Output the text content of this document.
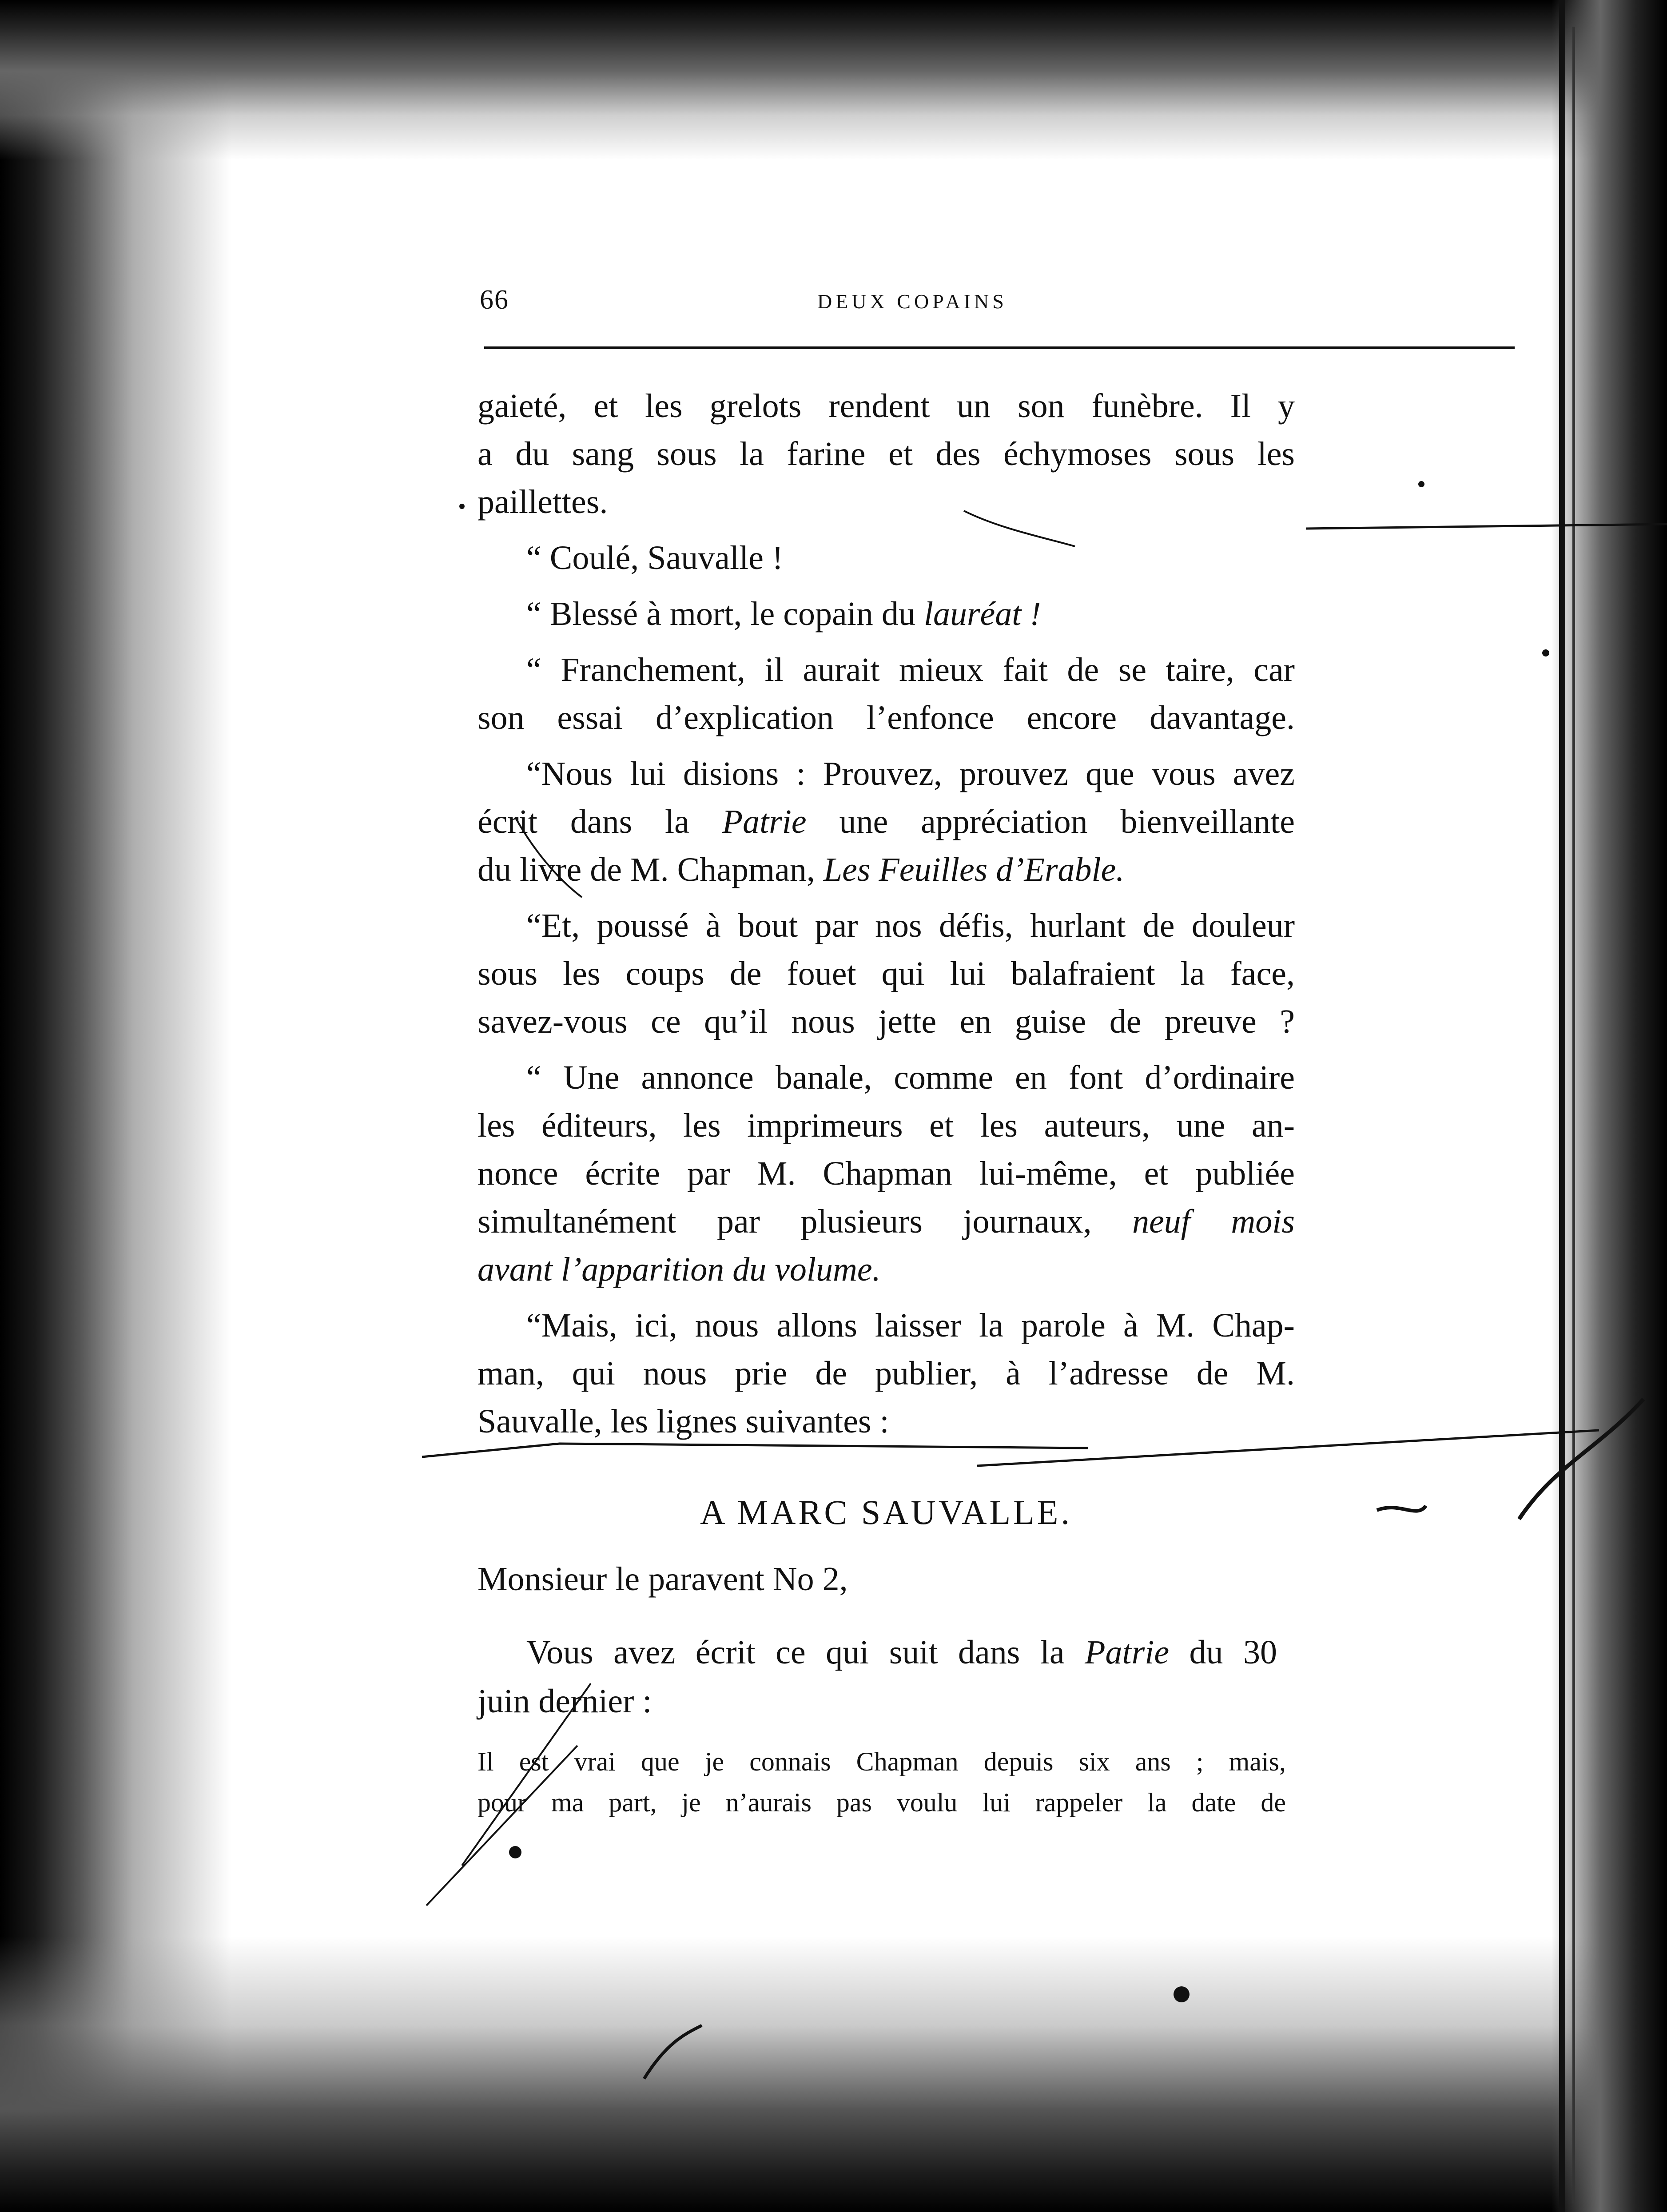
66	DEUX COPAINS
gaieté, et les grelots rendent un son funèbre. Il y
a du sang sous la farine et des échymoses sous les
paillettes.
“ Coulé, Sauvalle !
“ Blessé à mort, le copain du lauréat !
“ Franchement, il aurait mieux fait de se taire, car
son essai d’explication l’enfonce encore davantage.
“Nous lui disions : Prouvez, prouvez que vous avez
écrit dans la Patrie une appréciation bienveillante
du livre de M. Chapman, Les Feuilles d’Erable.
“Et, poussé à bout par nos défis, hurlant de douleur
sous les coups de fouet qui lui balafraient la face,
savez-vous ce qu’il nous jette en guise de preuve ?
“ Une annonce banale, comme en font d’ordinaire
les éditeurs, les imprimeurs et les auteurs, une an-
nonce écrite par M. Chapman lui-même, et publiée
simultanément par plusieurs journaux, neuf mois
avant l’apparition du volume.
“Mais, ici, nous allons laisser la parole à M. Chap-
man, qui nous prie de publier, à l’adresse de M.
Sauvalle, les lignes suivantes :
A MARC SAUVALLE.
Monsieur le paravent No 2,
Vous avez écrit ce qui suit dans la Patrie du 30
juin dernier :
Il est vrai que je connais Chapman depuis six ans ; mais,
pour ma part, je n’aurais pas voulu lui rappeler la date de
